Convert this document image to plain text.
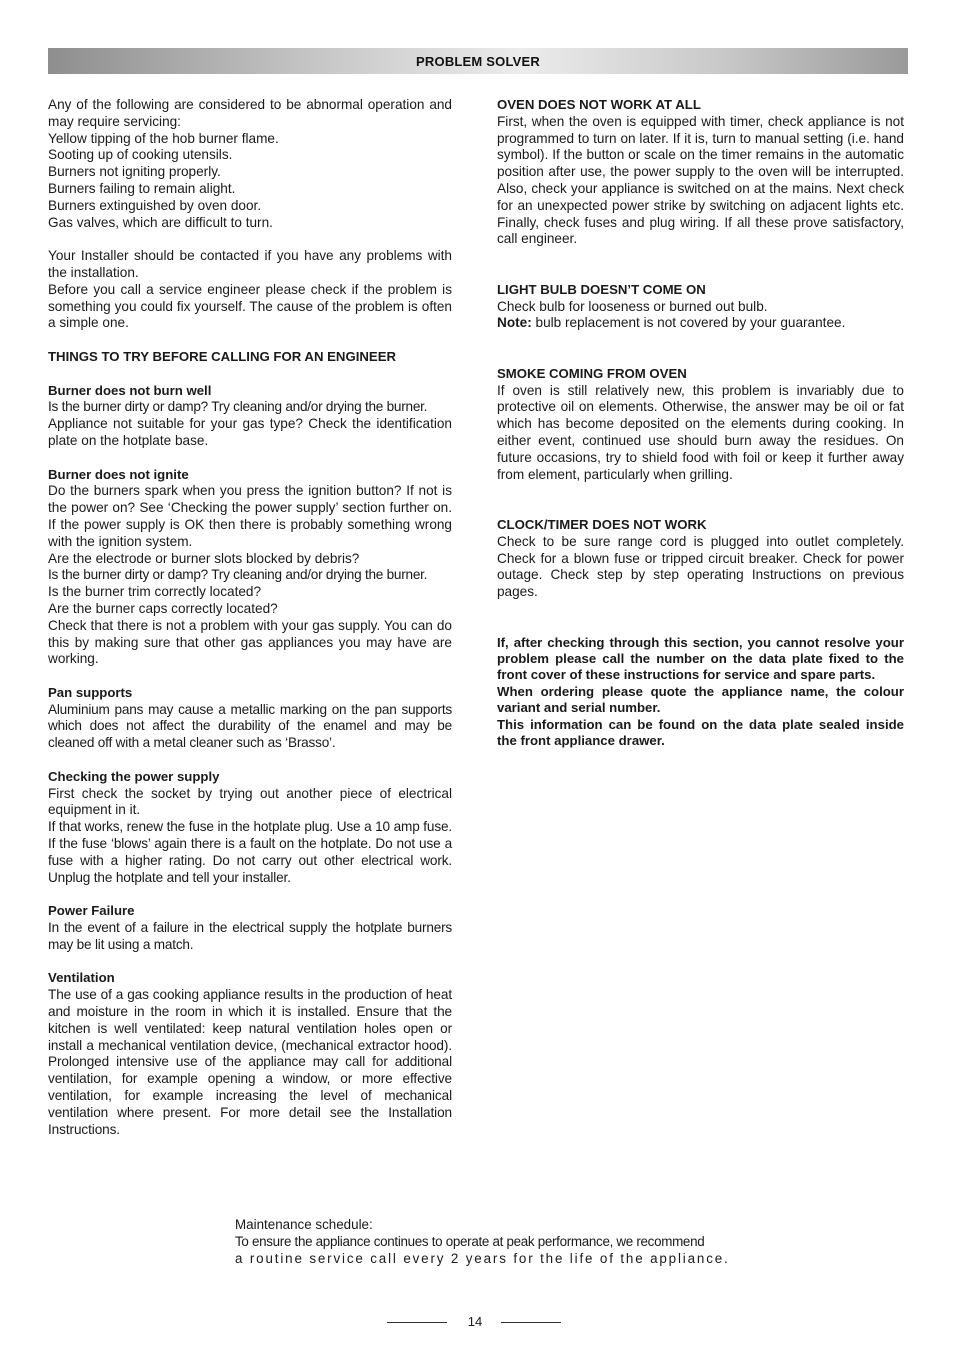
PROBLEM SOLVER

Any of the following are considered to be abnormal operation and may require servicing:

Yellow tipping of the hob burner flame.

Sooting up of cooking utensils.

Burners not igniting properly.

Burners failing to remain alight.

Burners extinguished by oven door.

Gas valves, which are difficult to turn.

Your Installer should be contacted if you have any problems with the installation.

Before you call a service engineer please check if the problem is something you could fix yourself. The cause of the problem is often a simple one.

THINGS TO TRY BEFORE CALLING FOR AN ENGINEER

Burner does not burn well

Is the burner dirty or damp? Try cleaning and/or drying the burner.

Appliance not suitable for your gas type? Check the identification plate on the hotplate base.

Burner does not ignite

Do the burners spark when you press the ignition button? If not is the power on? See ‘Checking the power supply’ section further on. If the power supply is OK then there is probably something wrong with the ignition system.

Are the electrode or burner slots blocked by debris?

Is the burner dirty or damp? Try cleaning and/or drying the burner.

Is the burner trim correctly located?

Are the burner caps correctly located?

Check that there is not a problem with your gas supply. You can do this by making sure that other gas appliances you may have are working.

Pan supports

Aluminium pans may cause a metallic marking on the pan supports which does not affect the durability of the enamel and may be cleaned off with a metal cleaner such as ‘Brasso’.

Checking the power supply

First check the socket by trying out another piece of electrical equipment in it.

If that works, renew the fuse in the hotplate plug. Use a 10 amp fuse. If the fuse ‘blows’ again there is a fault on the hotplate. Do not use a fuse with a higher rating. Do not carry out other electrical work. Unplug the hotplate and tell your installer.

Power Failure

In the event of a failure in the electrical supply the hotplate burners may be lit using a match.

Ventilation

The use of a gas cooking appliance results in the production of heat and moisture in the room in which it is installed. Ensure that the kitchen is well ventilated: keep natural ventilation holes open or install a mechanical ventilation device, (mechanical extractor hood). Prolonged intensive use of the appliance may call for additional ventilation, for example opening a window, or more effective ventilation, for example increasing the level of mechanical ventilation where present. For more detail see the Installation Instructions.

OVEN DOES NOT WORK AT ALL

First, when the oven is equipped with timer, check appliance is not programmed to turn on later. If it is, turn to manual setting (i.e. hand symbol). If the button or scale on the timer remains in the automatic position after use, the power supply to the oven will be interrupted. Also, check your appliance is switched on at the mains. Next check for an unexpected power strike by switching on adjacent lights etc. Finally, check fuses and plug wiring. If all these prove satisfactory, call engineer.

LIGHT BULB DOESN’T COME ON

Check bulb for looseness or burned out bulb.

Note: bulb replacement is not covered by your guarantee.

SMOKE COMING FROM OVEN

If oven is still relatively new, this problem is invariably due to protective oil on elements. Otherwise, the answer may be oil or fat which has become deposited on the elements during cooking. In either event, continued use should burn away the residues. On future occasions, try to shield food with foil or keep it further away from element, particularly when grilling.

CLOCK/TIMER DOES NOT WORK

Check to be sure range cord is plugged into outlet completely. Check for a blown fuse or tripped circuit breaker. Check for power outage. Check step by step operating Instructions on previous pages.

If, after checking through this section, you cannot resolve your problem please call the number on the data plate fixed to the front cover of these instructions for service and spare parts.

When ordering please quote the appliance name, the colour variant and serial number.

This information can be found on the data plate sealed inside the front appliance drawer.

Maintenance schedule:

To ensure the appliance continues to operate at peak performance, we recommend

a routine service call every 2 years for the life of the appliance.

14
